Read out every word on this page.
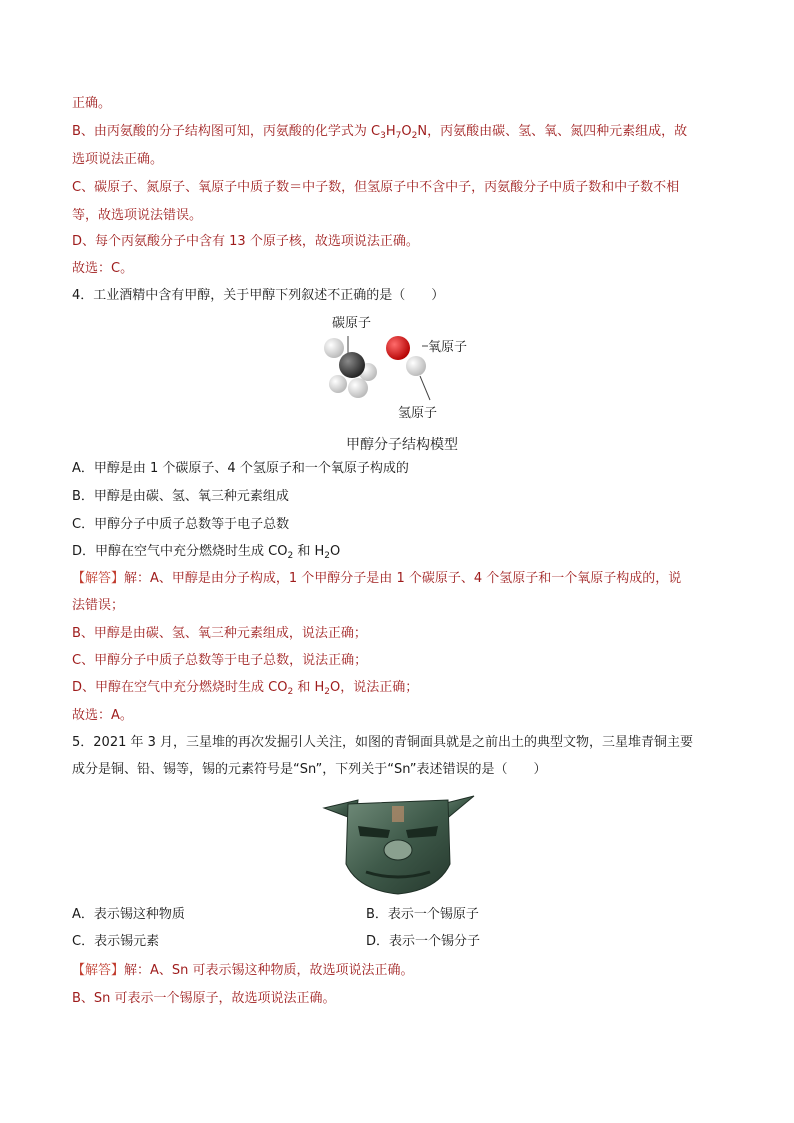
正确。
B、由丙氨酸的分子结构图可知，丙氨酸的化学式为 $C_3H_7O_2N$，丙氨酸由碳、氢、氧、氮四种元素组成，故
选项说法正确。
C、碳原子、氮原子、氧原子中质子数＝中子数，但氢原子中不含中子，丙氨酸分子中质子数和中子数不相
等，故选项说法错误。
D、每个丙氨酸分子中含有 13 个原子核，故选项说法正确。
故选：C。
4．工业酒精中含有甲醇，关于甲醇下列叙述不正确的是（　　）
碳原子
氧原子
氢原子
甲醇分子结构模型
A．甲醇是由 1 个碳原子、4 个氢原子和一个氧原子构成的
B．甲醇是由碳、氢、氧三种元素组成
C．甲醇分子中质子总数等于电子总数
D．甲醇在空气中充分燃烧时生成 $CO_2$ 和 $H_2O$
【解答】解：A、甲醇是由分子构成，1 个甲醇分子是由 1 个碳原子、4 个氢原子和一个氧原子构成的，说
法错误；
B、甲醇是由碳、氢、氧三种元素组成，说法正确；
C、甲醇分子中质子总数等于电子总数，说法正确；
D、甲醇在空气中充分燃烧时生成 $CO_2$ 和 $H_2O$，说法正确；
故选：A。
5．2021 年 3 月，三星堆的再次发掘引人关注，如图的青铜面具就是之前出土的典型文物，三星堆青铜主要
成分是铜、铅、锡等，锡的元素符号是“Sn”，下列关于“Sn”表述错误的是（　　）
A．表示锡这种物质	B．表示一个锡原子
C．表示锡元素	D．表示一个锡分子
【解答】解：A、Sn 可表示锡这种物质，故选项说法正确。
B、Sn 可表示一个锡原子，故选项说法正确。
